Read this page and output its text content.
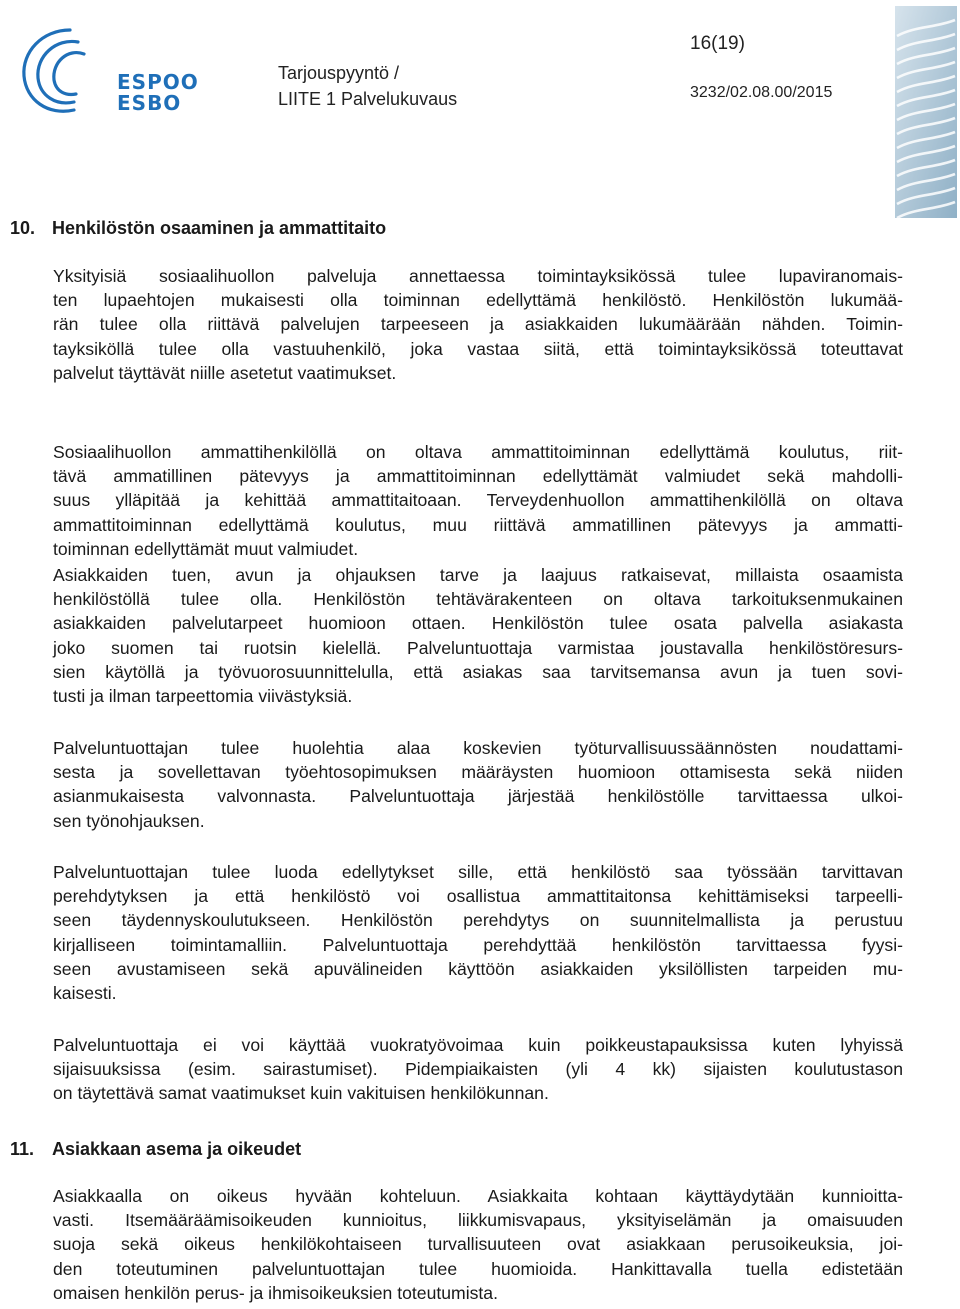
ESPOO
ESBO
Tarjouspyyntö /
LIITE 1 Palvelukuvaus
16(19)
3232/02.08.00/2015
10. Henkilöstön osaaminen ja ammattitaito
Yksityisiä sosiaalihuollon palveluja annettaessa toimintayksikössä tulee lupaviranomais-
ten lupaehtojen mukaisesti olla toiminnan edellyttämä henkilöstö. Henkilöstön lukumää-
rän tulee olla riittävä palvelujen tarpeeseen ja asiakkaiden lukumäärään nähden. Toimin-
tayksiköllä tulee olla vastuuhenkilö, joka vastaa siitä, että toimintayksikössä toteuttavat
palvelut täyttävät niille asetetut vaatimukset.
Sosiaalihuollon ammattihenkilöllä on oltava ammattitoiminnan edellyttämä koulutus, riit-
tävä ammatillinen pätevyys ja ammattitoiminnan edellyttämät valmiudet sekä mahdolli-
suus ylläpitää ja kehittää ammattitaitoaan. Terveydenhuollon ammattihenkilöllä on oltava
ammattitoiminnan edellyttämä koulutus, muu riittävä ammatillinen pätevyys ja ammatti-
toiminnan edellyttämät muut valmiudet.
Asiakkaiden tuen, avun ja ohjauksen tarve ja laajuus ratkaisevat, millaista osaamista
henkilöstöllä tulee olla. Henkilöstön tehtävärakenteen on oltava tarkoituksenmukainen
asiakkaiden palvelutarpeet huomioon ottaen. Henkilöstön tulee osata palvella asiakasta
joko suomen tai ruotsin kielellä. Palveluntuottaja varmistaa joustavalla henkilöstöresurs-
sien käytöllä ja työvuorosuunnittelulla, että asiakas saa tarvitsemansa avun ja tuen sovi-
tusti ja ilman tarpeettomia viivästyksiä.
Palveluntuottajan tulee huolehtia alaa koskevien työturvallisuussäännösten noudattami-
sesta ja sovellettavan työehtosopimuksen määräysten huomioon ottamisesta sekä niiden
asianmukaisesta valvonnasta. Palveluntuottaja järjestää henkilöstölle tarvittaessa ulkoi-
sen työnohjauksen.
Palveluntuottajan tulee luoda edellytykset sille, että henkilöstö saa työssään tarvittavan
perehdytyksen ja että henkilöstö voi osallistua ammattitaitonsa kehittämiseksi tarpeelli-
seen täydennyskoulutukseen. Henkilöstön perehdytys on suunnitelmallista ja perustuu
kirjalliseen toimintamalliin. Palveluntuottaja perehdyttää henkilöstön tarvittaessa fyysi-
seen avustamiseen sekä apuvälineiden käyttöön asiakkaiden yksilöllisten tarpeiden mu-
kaisesti.
Palveluntuottaja ei voi käyttää vuokratyövoimaa kuin poikkeustapauksissa kuten lyhyissä
sijaisuuksissa (esim. sairastumiset). Pidempiaikaisten (yli 4 kk) sijaisten koulutustason
on täytettävä samat vaatimukset kuin vakituisen henkilökunnan.
11. Asiakkaan asema ja oikeudet
Asiakkaalla on oikeus hyvään kohteluun. Asiakkaita kohtaan käyttäydytään kunnioitta-
vasti. Itsemääräämisoikeuden kunnioitus, liikkumisvapaus, yksityiselämän ja omaisuuden
suoja sekä oikeus henkilökohtaiseen turvallisuuteen ovat asiakkaan perusoikeuksia, joi-
den toteutuminen palveluntuottajan tulee huomioida. Hankittavalla tuella edistetään
omaisen henkilön perus- ja ihmisoikeuksien toteutumista.
